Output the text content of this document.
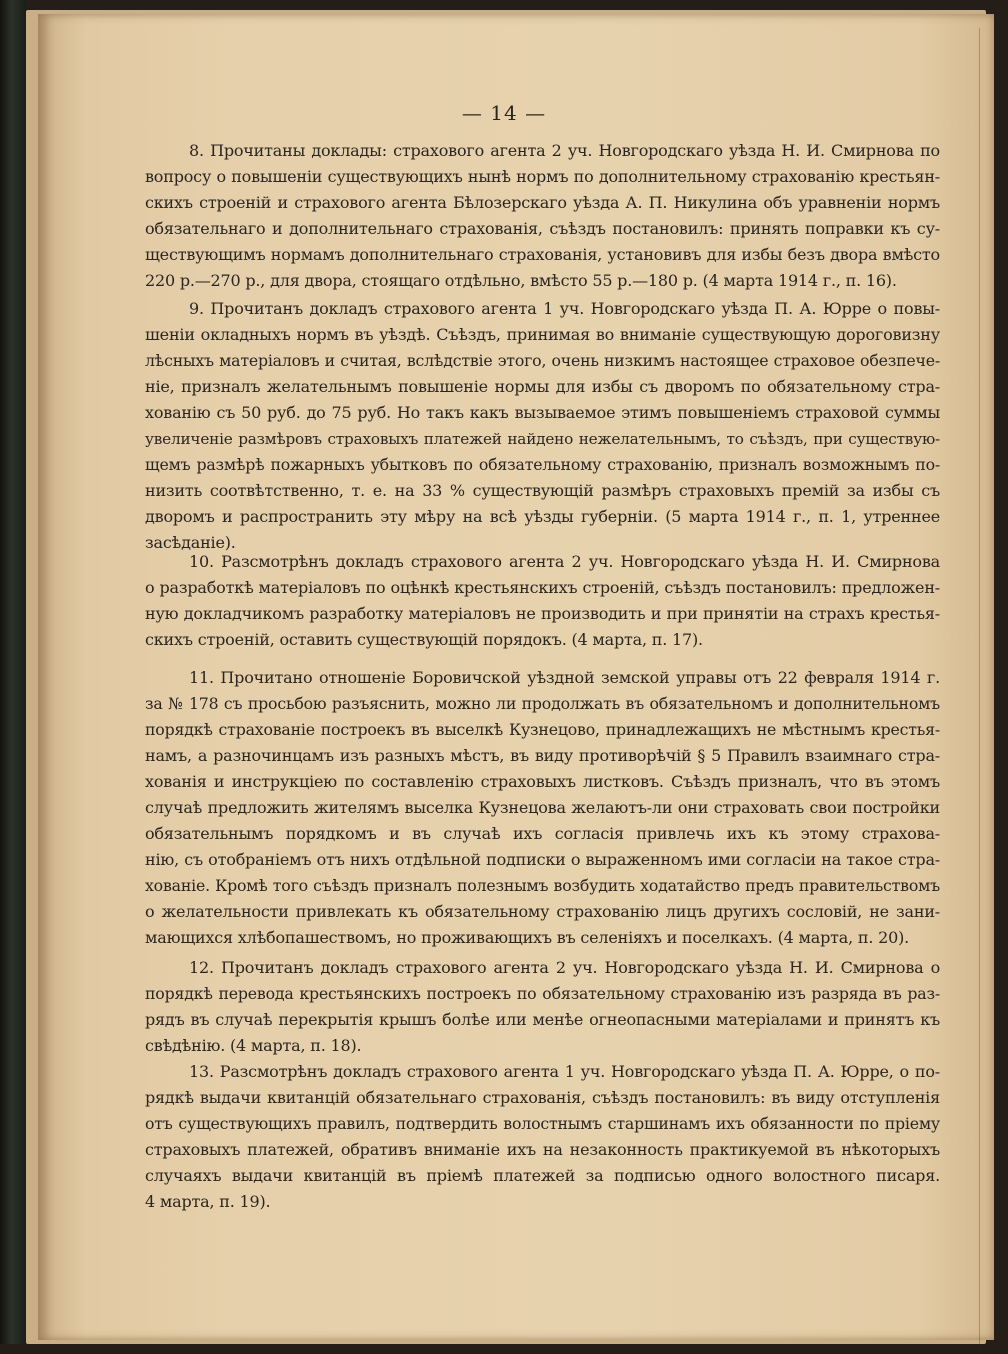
— 14 —
8. Прочитаны доклады: страхового агента 2 уч. Новгородскаго уѣзда Н. И. Смирнова по
вопросу о повышеніи существующихъ нынѣ нормъ по дополнительному страхованію крестьян-
скихъ строеній и страхового агента Бѣлозерскаго уѣзда А. П. Никулина объ уравненіи нормъ
обязательнаго и дополнительнаго страхованія, съѣздъ постановилъ: принять поправки къ су-
ществующимъ нормамъ дополнительнаго страхованія, установивъ для избы безъ двора вмѣсто
220 р.—270 р., для двора, стоящаго отдѣльно, вмѣсто 55 р.—180 р. (4 марта 1914 г., п. 16).
9. Прочитанъ докладъ страхового агента 1 уч. Новгородскаго уѣзда П. А. Юрре о повы-
шеніи окладныхъ нормъ въ уѣздѣ. Съѣздъ, принимая во вниманіе существующую дороговизну
лѣсныхъ матеріаловъ и считая, вслѣдствіе этого, очень низкимъ настоящее страховое обезпече-
ніе, призналъ желательнымъ повышеніе нормы для избы съ дворомъ по обязательному стра-
хованію съ 50 руб. до 75 руб. Но такъ какъ вызываемое этимъ повышеніемъ страховой суммы
увеличеніе размѣровъ страховыхъ платежей найдено нежелательнымъ, то съѣздъ, при существую-
щемъ размѣрѣ пожарныхъ убытковъ по обязательному страхованію, призналъ возможнымъ по-
низить соотвѣтственно, т. е. на 33 % существующій размѣръ страховыхъ премій за избы съ
дворомъ и распространить эту мѣру на всѣ уѣзды губерніи. (5 марта 1914 г., п. 1, утреннее
засѣданіе).
10. Разсмотрѣнъ докладъ страхового агента 2 уч. Новгородскаго уѣзда Н. И. Смирнова
о разработкѣ матеріаловъ по оцѣнкѣ крестьянскихъ строеній, съѣздъ постановилъ: предложен-
ную докладчикомъ разработку матеріаловъ не производить и при принятіи на страхъ крестья-
скихъ строеній, оставить существующій порядокъ. (4 марта, п. 17).
11. Прочитано отношеніе Боровичской уѣздной земской управы отъ 22 февраля 1914 г.
за № 178 съ просьбою разъяснить, можно ли продолжать въ обязательномъ и дополнительномъ
порядкѣ страхованіе построекъ въ выселкѣ Кузнецово, принадлежащихъ не мѣстнымъ крестья-
намъ, а разночинцамъ изъ разныхъ мѣстъ, въ виду противорѣчій § 5 Правилъ взаимнаго стра-
хованія и инструкціею по составленію страховыхъ листковъ. Съѣздъ призналъ, что въ этомъ
случаѣ предложить жителямъ выселка Кузнецова желаютъ-ли они страховать свои постройки
обязательнымъ порядкомъ и въ случаѣ ихъ согласія привлечь ихъ къ этому страхова-
нію, съ отобраніемъ отъ нихъ отдѣльной подписки о выраженномъ ими согласіи на такое стра-
хованіе. Кромѣ того съѣздъ призналъ полезнымъ возбудить ходатайство предъ правительствомъ
о желательности привлекать къ обязательному страхованію лицъ другихъ сословій, не зани-
мающихся хлѣбопашествомъ, но проживающихъ въ селеніяхъ и поселкахъ. (4 марта, п. 20).
12. Прочитанъ докладъ страхового агента 2 уч. Новгородскаго уѣзда Н. И. Смирнова о
порядкѣ перевода крестьянскихъ построекъ по обязательному страхованію изъ разряда въ раз-
рядъ въ случаѣ перекрытія крышъ болѣе или менѣе огнеопасными матеріалами и принятъ къ
свѣдѣнію. (4 марта, п. 18).
13. Разсмотрѣнъ докладъ страхового агента 1 уч. Новгородскаго уѣзда П. А. Юрре, о по-
рядкѣ выдачи квитанцій обязательнаго страхованія, съѣздъ постановилъ: въ виду отступленія
отъ существующихъ правилъ, подтвердить волостнымъ старшинамъ ихъ обязанности по пріему
страховыхъ платежей, обративъ вниманіе ихъ на незаконность практикуемой въ нѣкоторыхъ
случаяхъ выдачи квитанцій въ пріемѣ платежей за подписью одного волостного писаря.
4 марта, п. 19).
